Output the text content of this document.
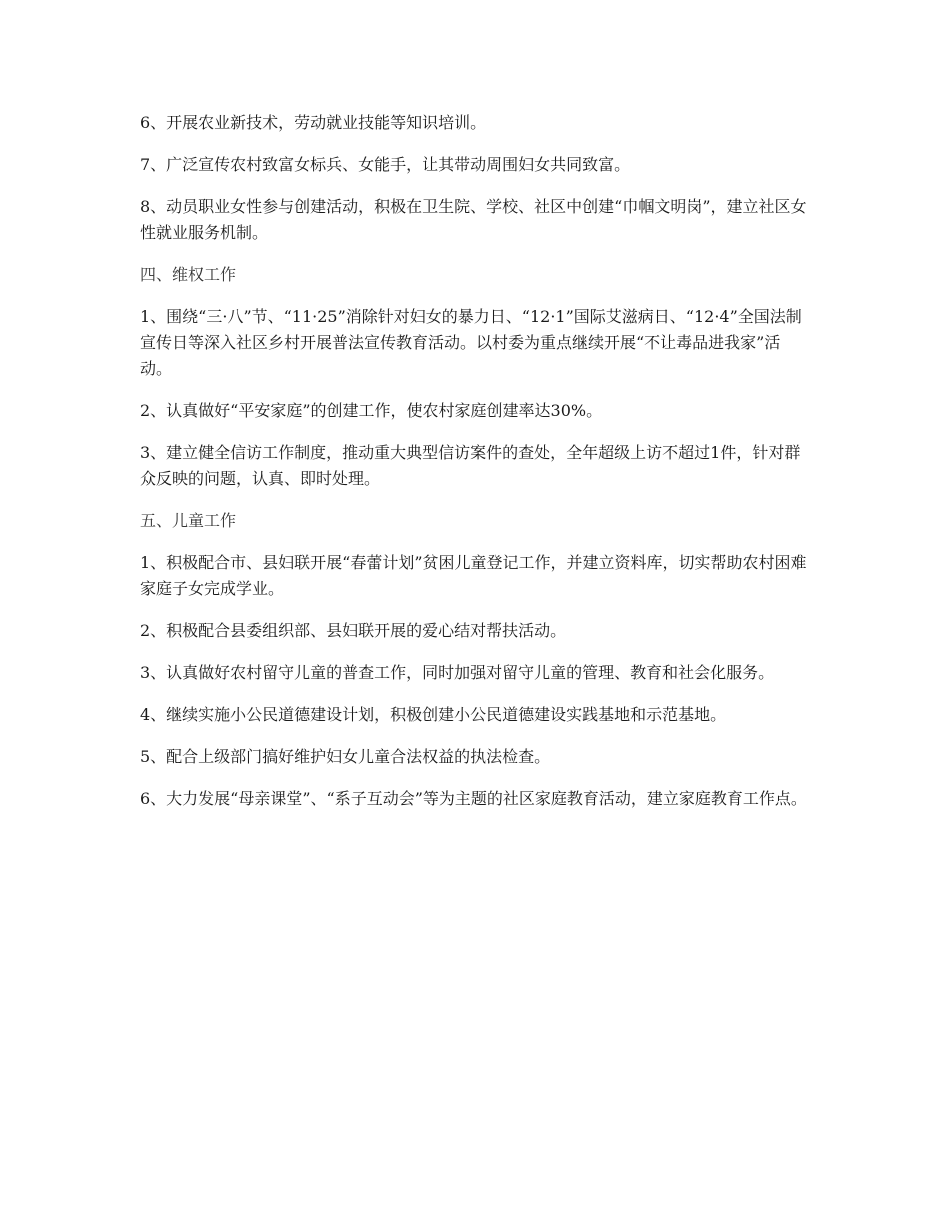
6、开展农业新技术，劳动就业技能等知识培训。

7、广泛宣传农村致富女标兵、女能手，让其带动周围妇女共同致富。

8、动员职业女性参与创建活动，积极在卫生院、学校、社区中创建“巾帼文明岗”，建立社区女性就业服务机制。

四、维权工作

1、围绕“三·八”节、“11·25”消除针对妇女的暴力日、“12·1”国际艾滋病日、“12·4”全国法制宣传日等深入社区乡村开展普法宣传教育活动。以村委为重点继续开展“不让毒品进我家”活动。

2、认真做好“平安家庭”的创建工作，使农村家庭创建率达30%。

3、建立健全信访工作制度，推动重大典型信访案件的查处，全年超级上访不超过1件，针对群众反映的问题，认真、即时处理。

五、儿童工作

1、积极配合市、县妇联开展“春蕾计划”贫困儿童登记工作，并建立资料库，切实帮助农村困难家庭子女完成学业。

2、积极配合县委组织部、县妇联开展的爱心结对帮扶活动。

3、认真做好农村留守儿童的普查工作，同时加强对留守儿童的管理、教育和社会化服务。

4、继续实施小公民道德建设计划，积极创建小公民道德建设实践基地和示范基地。

5、配合上级部门搞好维护妇女儿童合法权益的执法检查。

6、大力发展“母亲课堂”、“系子互动会”等为主题的社区家庭教育活动，建立家庭教育工作点。
